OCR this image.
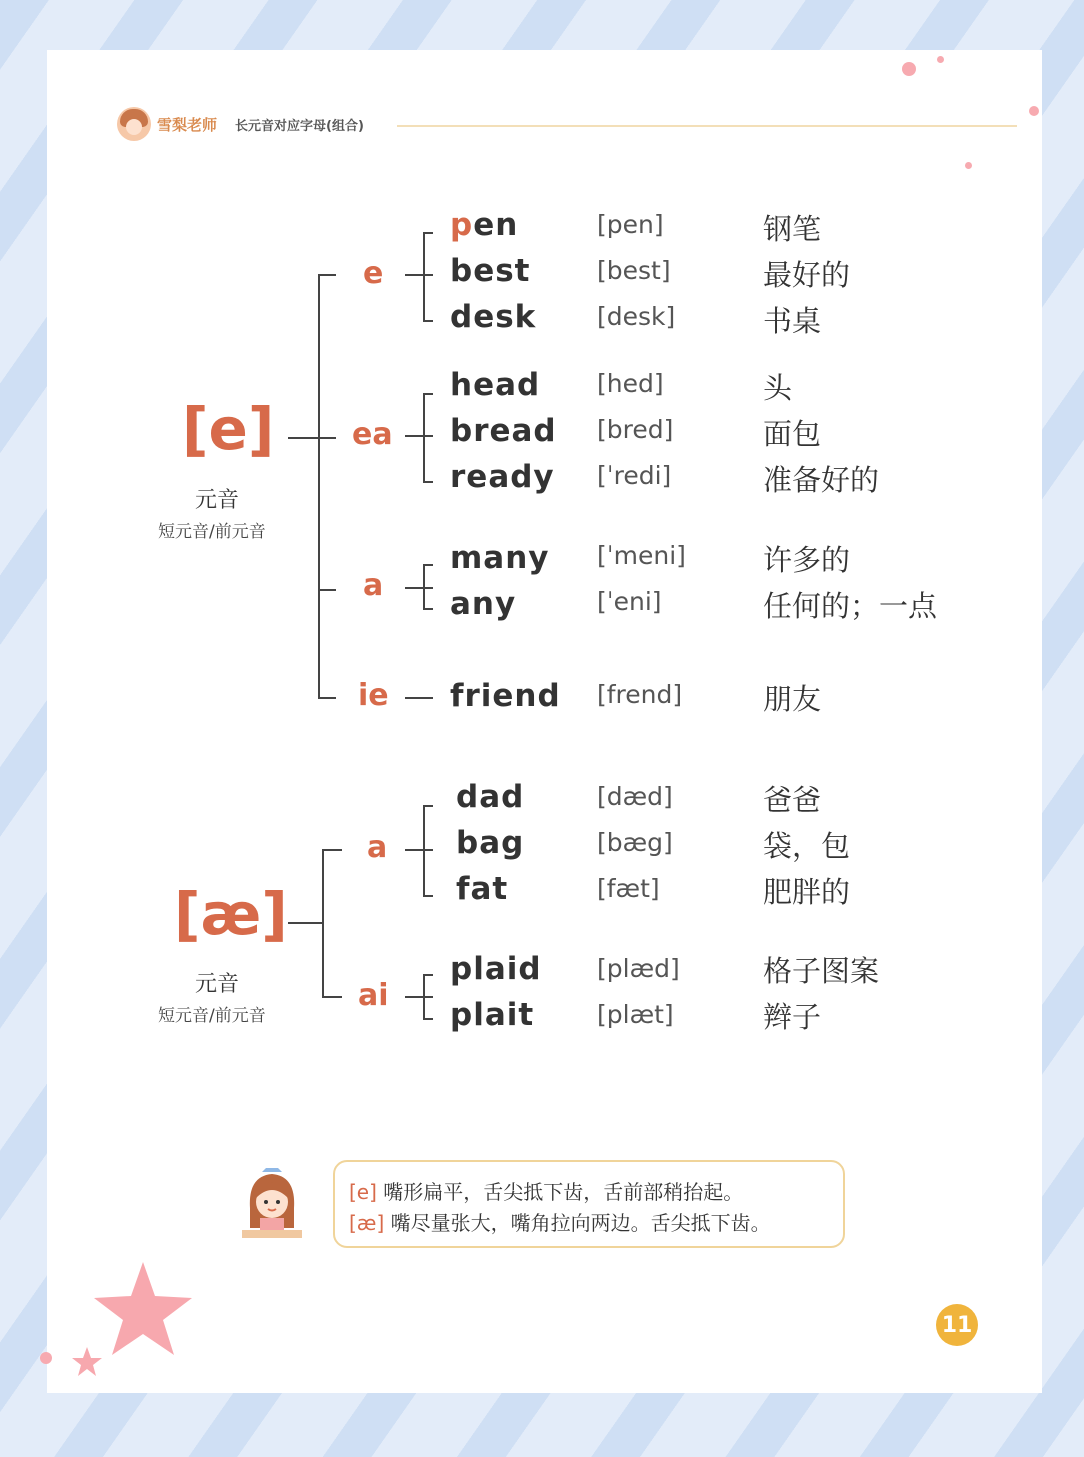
雪梨老师 长元音对应字母(组合)
[e]
元音
短元音/前元音
e
pen	[pen]	钢笔
best	[best]	最好的
desk [desk]	书桌
ea
head [hed]	头
bread [bred]	面包
ready [ˈredi]	准备好的
a
many [ˈmeni]	许多的
any	[ˈeni]	任何的；一点
ie friend [frend]	朋友
[æ]
元音
短元音/前元音
a
dad	[dæd]	爸爸
bag	[bæg]	袋，包
fat	[fæt]	肥胖的
ai
plaid [plæd]	格子图案
plait	[plæt]	辫子
[e] 嘴形扁平，舌尖抵下齿，舌前部稍抬起。
[æ] 嘴尽量张大，嘴角拉向两边。舌尖抵下齿。
11
